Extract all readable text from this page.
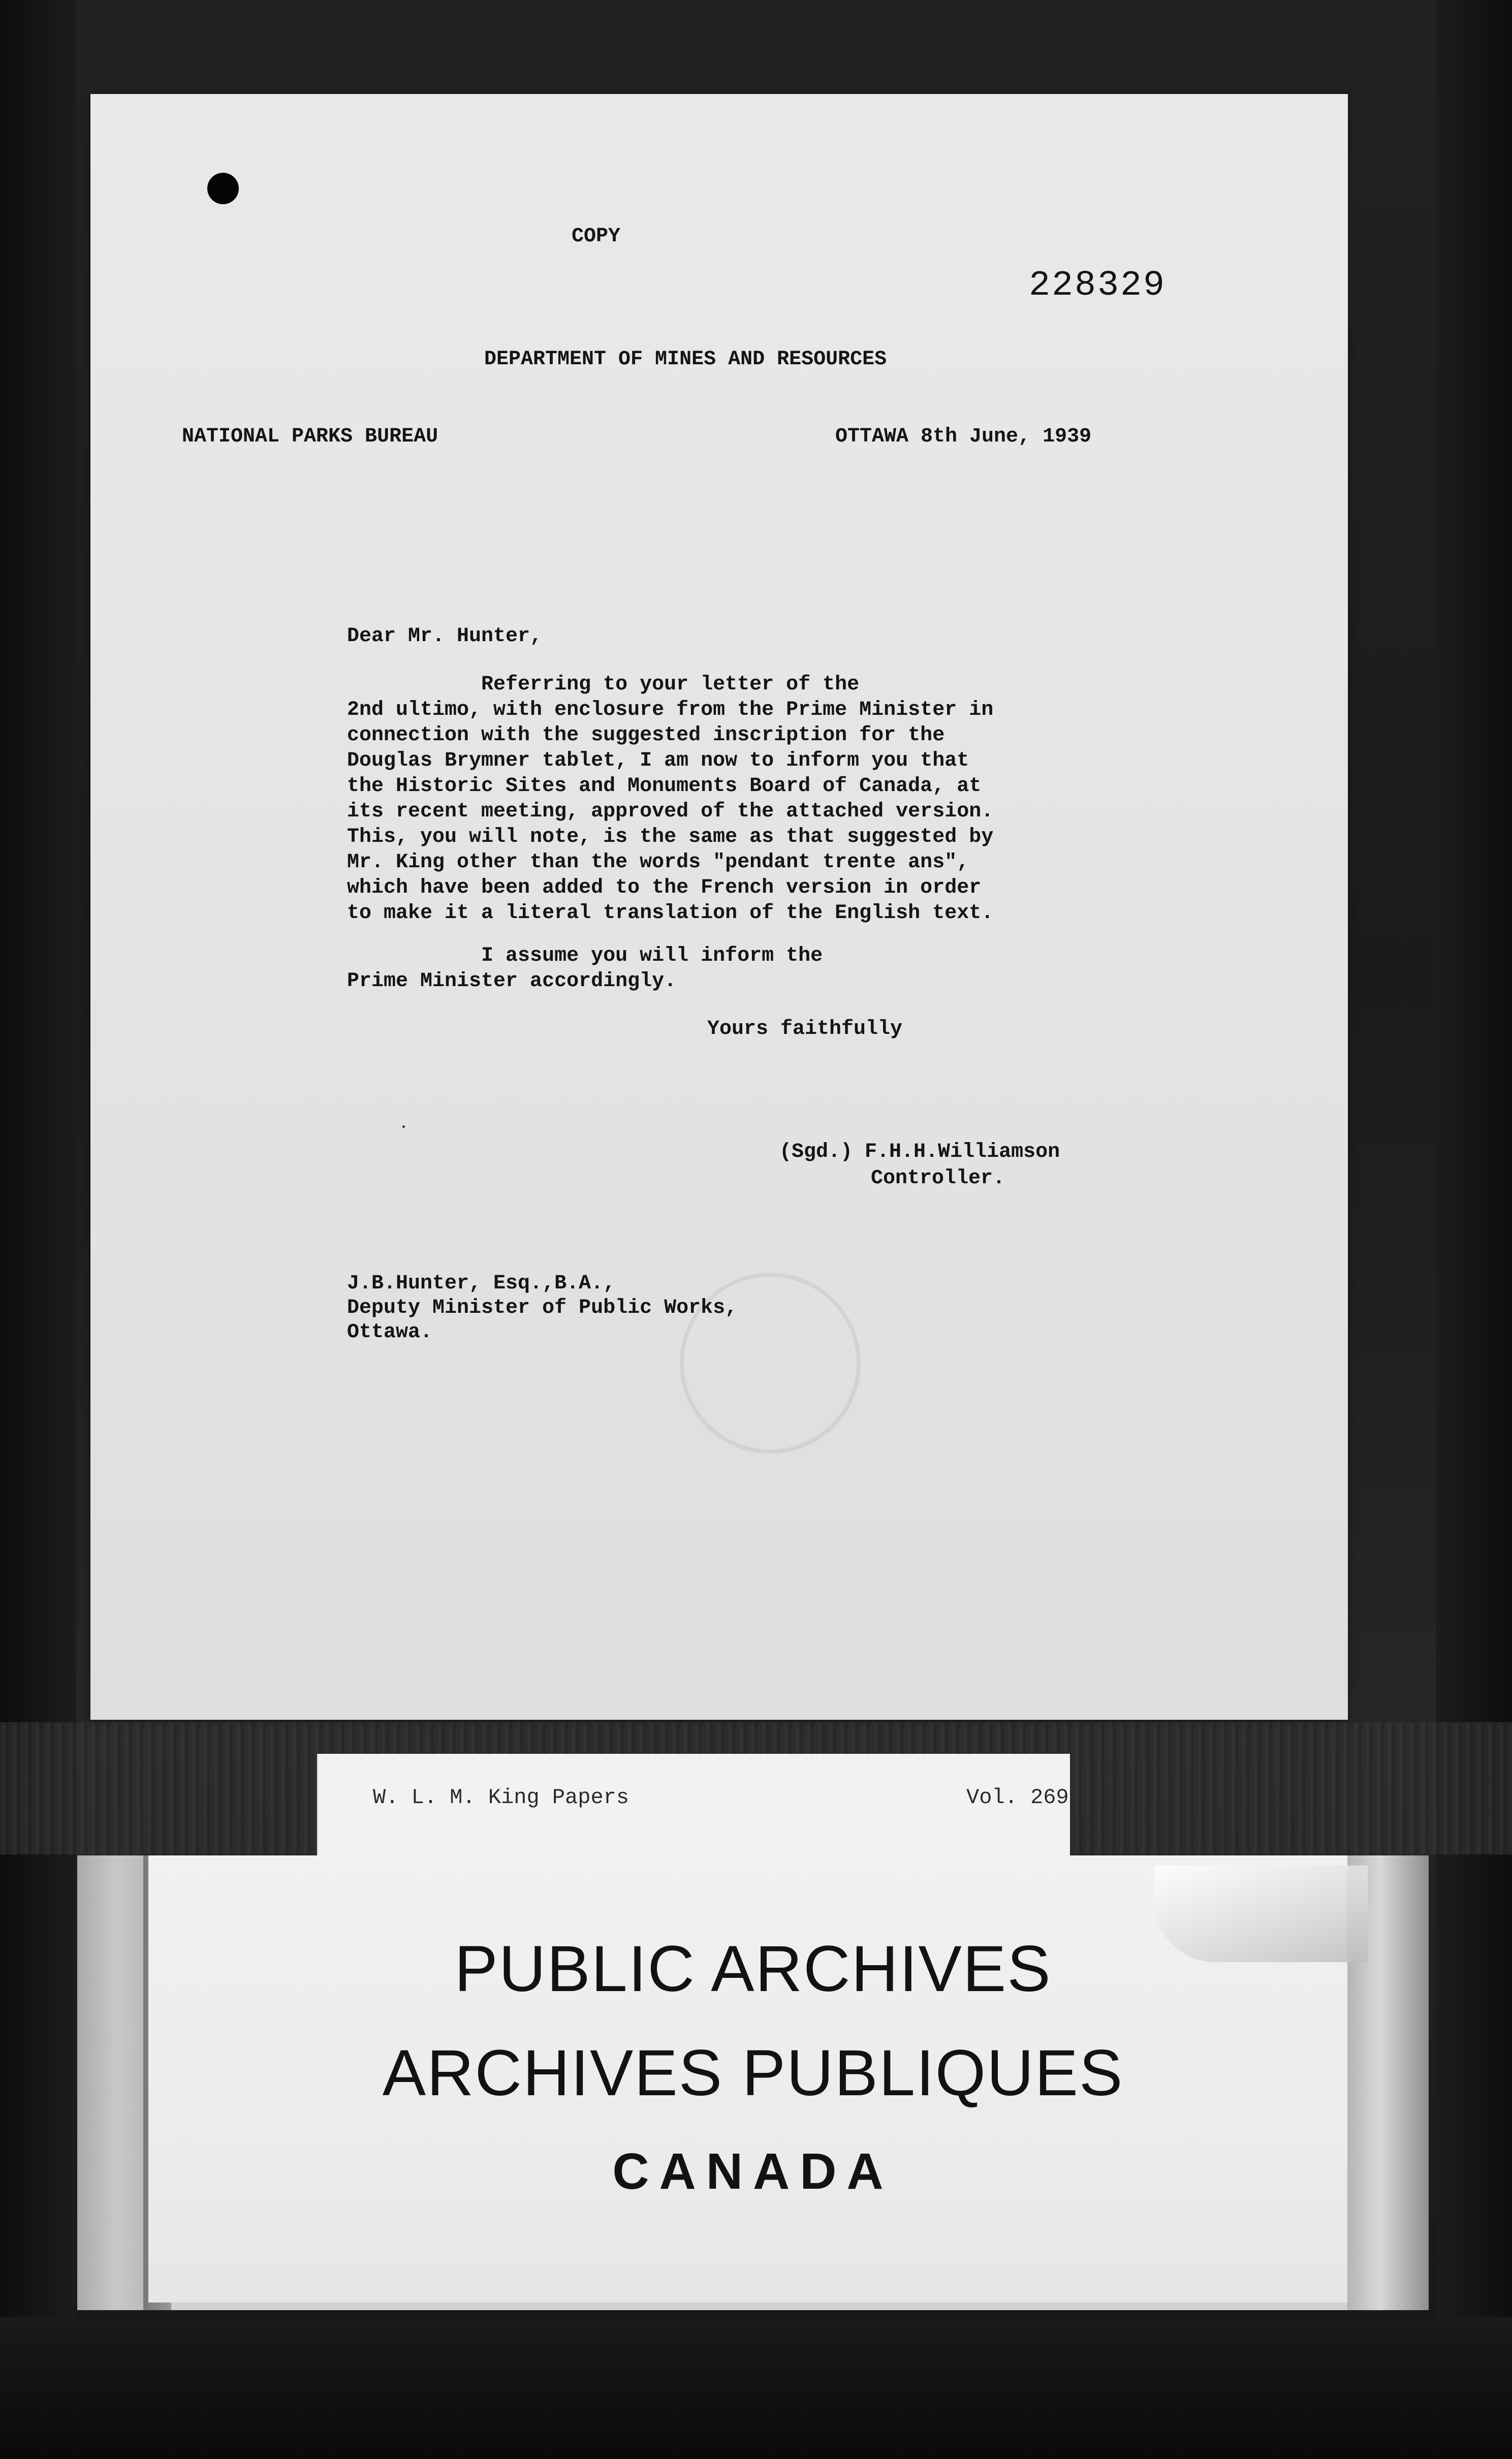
COPY
228329
DEPARTMENT OF MINES AND RESOURCES
NATIONAL PARKS BUREAU	OTTAWA 8th June, 1939
Dear Mr. Hunter,
Referring to your letter of the
2nd ultimo, with enclosure from the Prime Minister in
connection with the suggested inscription for the
Douglas Brymner tablet, I am now to inform you that
the Historic Sites and Monuments Board of Canada, at
its recent meeting, approved of the attached version.
This, you will note, is the same as that suggested by
Mr. King other than the words "pendant trente ans",
which have been added to the French version in order
to make it a literal translation of the English text.
I assume you will inform the
Prime Minister accordingly.
Yours faithfully
(Sgd.) F.H.H.Williamson
Controller.
J.B.Hunter, Esq.,B.A.,
Deputy Minister of Public Works,
Ottawa.
W. L. M. King Papers	Vol. 269
PUBLIC ARCHIVES
ARCHIVES PUBLIQUES
CANADA
